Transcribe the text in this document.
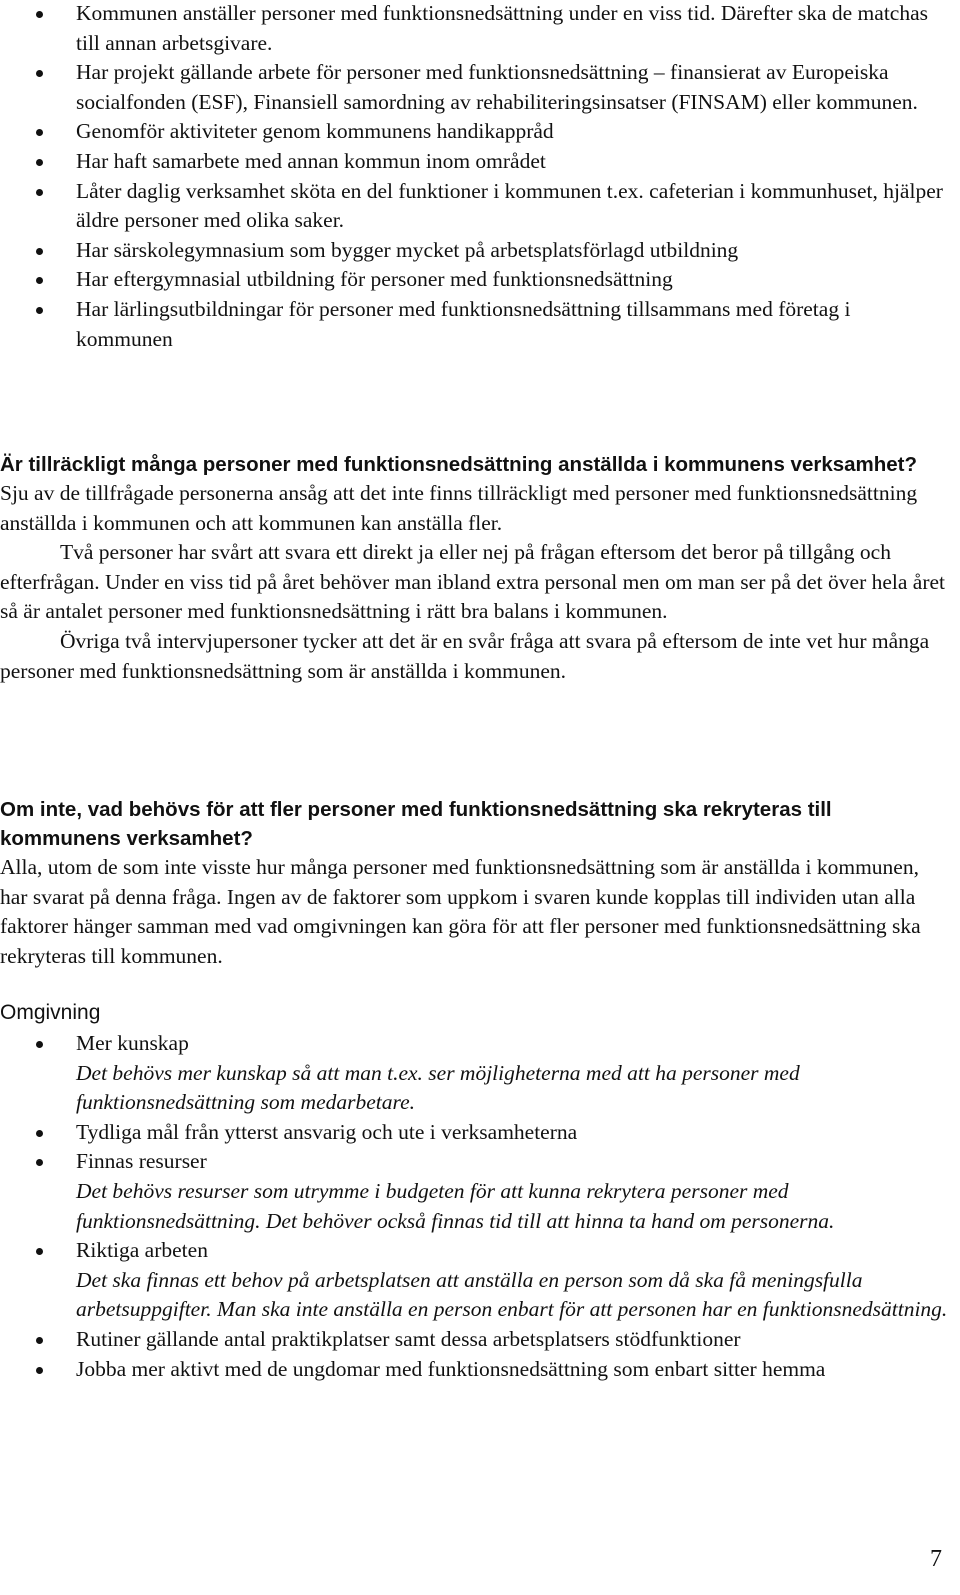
Kommunen anställer personer med funktionsnedsättning under en viss tid. Därefter ska de matchas till annan arbetsgivare.
Har projekt gällande arbete för personer med funktionsnedsättning – finansierat av Europeiska socialfonden (ESF), Finansiell samordning av rehabiliteringsinsatser (FINSAM) eller kommunen.
Genomför aktiviteter genom kommunens handikappråd
Har haft samarbete med annan kommun inom området
Låter daglig verksamhet sköta en del funktioner i kommunen t.ex. cafeterian i kommunhuset, hjälper äldre personer med olika saker.
Har särskolegymnasium som bygger mycket på arbetsplatsförlagd utbildning
Har eftergymnasial utbildning för personer med funktionsnedsättning
Har lärlingsutbildningar för personer med funktionsnedsättning tillsammans med företag i kommunen
Är tillräckligt många personer med funktionsnedsättning anställda i kommunens verksamhet?

Sju av de tillfrågade personerna ansåg att det inte finns tillräckligt med personer med funktionsnedsättning anställda i kommunen och att kommunen kan anställa fler.

Två personer har svårt att svara ett direkt ja eller nej på frågan eftersom det beror på tillgång och efterfrågan. Under en viss tid på året behöver man ibland extra personal men om man ser på det över hela året så är antalet personer med funktionsnedsättning i rätt bra balans i kommunen.

Övriga två intervjupersoner tycker att det är en svår fråga att svara på eftersom de inte vet hur många personer med funktionsnedsättning som är anställda i kommunen.

Om inte, vad behövs för att fler personer med funktionsnedsättning ska rekryteras till kommunens verksamhet?

Alla, utom de som inte visste hur många personer med funktionsnedsättning som är anställda i kommunen, har svarat på denna fråga. Ingen av de faktorer som uppkom i svaren kunde kopplas till individen utan alla faktorer hänger samman med vad omgivningen kan göra för att fler personer med funktionsnedsättning ska rekryteras till kommunen.

Omgivning
Mer kunskap
Det behövs mer kunskap så att man t.ex. ser möjligheterna med att ha personer med funktionsnedsättning som medarbetare.
Tydliga mål från ytterst ansvarig och ute i verksamheterna
Finnas resurser
Det behövs resurser som utrymme i budgeten för att kunna rekrytera personer med funktionsnedsättning. Det behöver också finnas tid till att hinna ta hand om personerna.
Riktiga arbeten
Det ska finnas ett behov på arbetsplatsen att anställa en person som då ska få meningsfulla arbetsuppgifter. Man ska inte anställa en person enbart för att personen har en funktionsnedsättning.
Rutiner gällande antal praktikplatser samt dessa arbetsplatsers stödfunktioner
Jobba mer aktivt med de ungdomar med funktionsnedsättning som enbart sitter hemma
7
